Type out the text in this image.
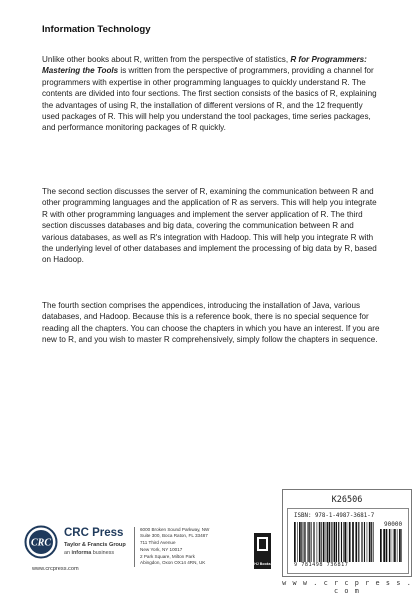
Information Technology
Unlike other books about R, written from the perspective of statistics, R for Programmers: Mastering the Tools is written from the perspective of programmers, providing a channel for programmers with expertise in other programming languages to quickly understand R. The contents are divided into four sections. The first section consists of the basics of R, explaining the advantages of using R, the installation of different versions of R, and the 12 frequently used packages of R. This will help you understand the tool packages, time series packages, and performance monitoring packages of R quickly.
The second section discusses the server of R, examining the communication between R and other programming languages and the application of R as servers. This will help you integrate R with other programming languages and implement the server application of R. The third section discusses databases and big data, covering the communication between R and various databases, as well as R's integration with Hadoop. This will help you integrate R with the underlying level of other databases and implement the processing of big data by R, based on Hadoop.
The fourth section comprises the appendices, introducing the installation of Java, various databases, and Hadoop. Because this is a reference book, there is no special sequence for reading all the chapters. You can choose the chapters in which you have an interest. If you are new to R, and you wish to master R comprehensively, simply follow the chapters in sequence.
CRC
CRC Press
Taylor & Francis Group
an informa business
www.crcpress.com
6000 Broken Sound Parkway, NW
Suite 300, Boca Raton, FL 33487
711 Third Avenue
New York, NY 10017
2 Park Square, Milton Park
Abingdon, Oxon OX14 4RN, UK	HJ Books
K26506
ISBN: 978-1-4987-3681-7
90000
9 781498 736817
w w w . c r c p r e s s . c o m
